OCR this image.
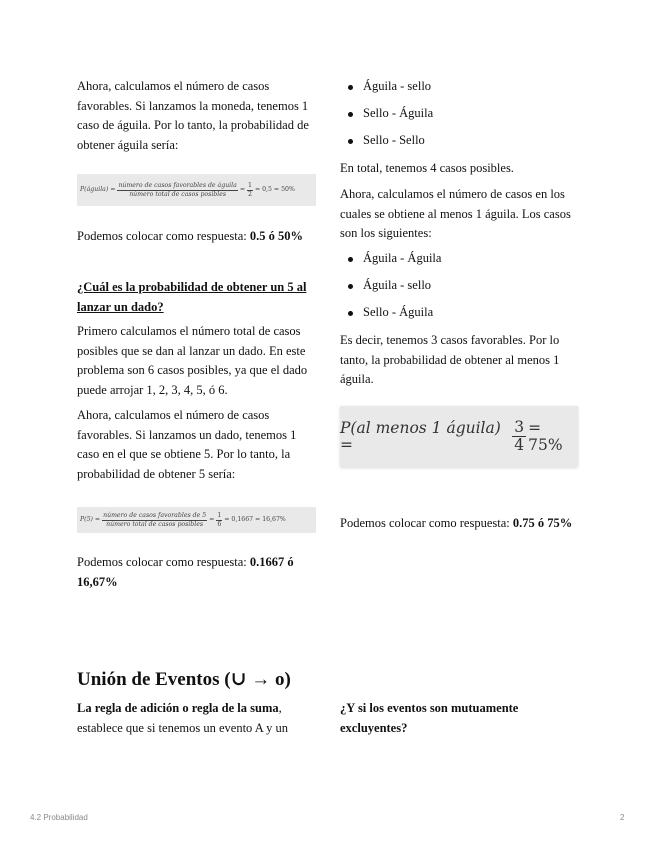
Ahora, calculamos el número de casos favorables. Si lanzamos la moneda, tenemos 1 caso de águila. Por lo tanto, la probabilidad de obtener águila sería:

P(águila) = $\frac{\text{número de casos favorables de águila}}{\text{número total de casos posibles}} = \frac{1}{2} = 0,5 = 50\%$

Podemos colocar como respuesta: 0.5 ó 50%

¿Cuál es la probabilidad de obtener un 5 al lanzar un dado?

Primero calculamos el número total de casos posibles que se dan al lanzar un dado. En este problema son 6 casos posibles, ya que el dado puede arrojar 1, 2, 3, 4, 5, ó 6.

Ahora, calculamos el número de casos favorables. Si lanzamos un dado, tenemos 1 caso en el que se obtiene 5. Por lo tanto, la probabilidad de obtener 5 sería:

$P(5) = \frac{\text{número de casos favorables de 5}}{\text{número total de casos posibles}} = \frac{1}{6} = 0,1667 = 16,67\%$

Podemos colocar como respuesta: 0.1667 ó 16,67%

Águila - sello
Sello - Águila
Sello - Sello

En total, tenemos 4 casos posibles.

Ahora, calculamos el número de casos en los cuales se obtiene al menos 1 águila. Los casos son los siguientes:

Águila - Águila
Águila - sello
Sello - Águila

Es decir, tenemos 3 casos favorables. Por lo tanto, la probabilidad de obtener al menos 1 águila.

P(al menos 1 águila) =	$\frac{3}{4} = 75\%$

Podemos colocar como respuesta: 0.75 ó 75%

Unión de Eventos (∪ → o)

La regla de adición o regla de la suma, establece que si tenemos un evento A y un

¿Y si los eventos son mutuamente excluyentes?

4.2 Probabilidad	2
